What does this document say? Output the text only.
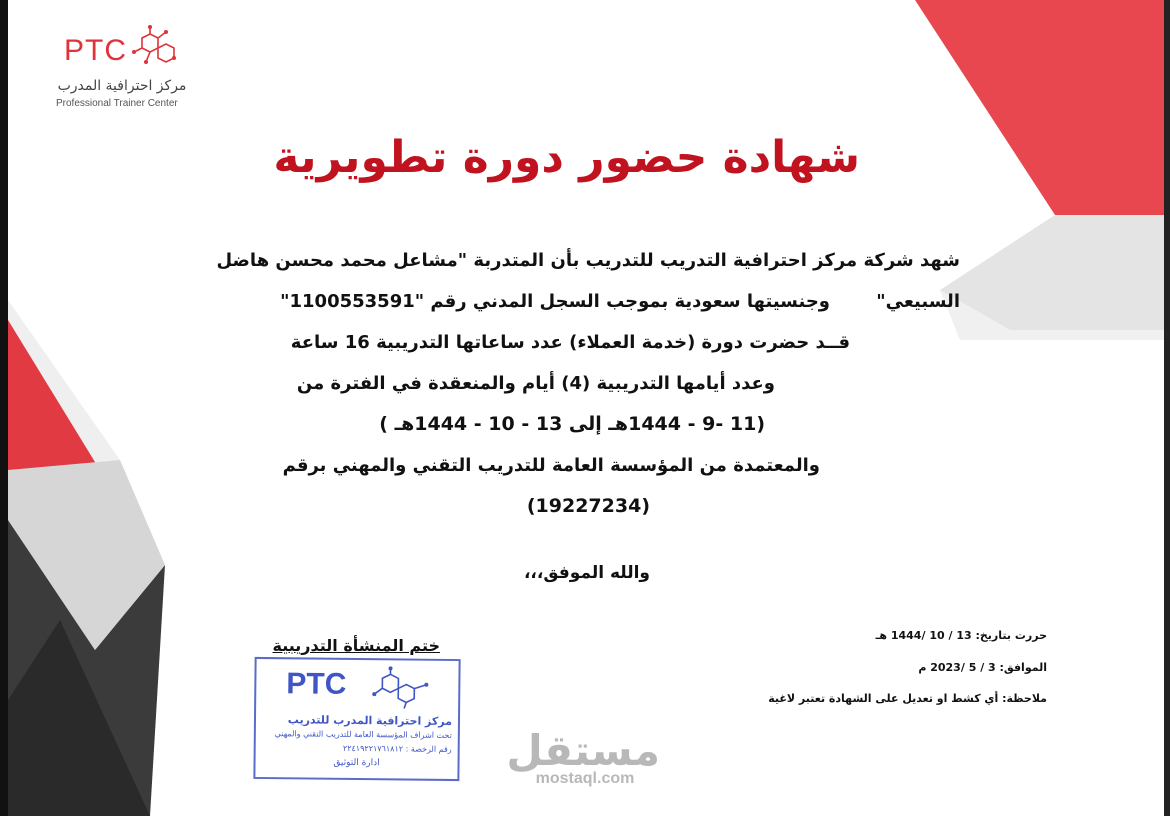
PTC
مركز احترافية المدرب
Professional Trainer Center
شهادة حضور دورة تطويرية
شهد شركة مركز احترافية التدريب للتدريب بأن المتدربة "مشاعل محمد محسن هاضل السبيعي"
وجنسيتها سعودية بموجب السجل المدني رقم "1100553591"
قــد حضرت دورة (خدمة العملاء) عدد ساعاتها التدريبية 16 ساعة
وعدد أيامها التدريبية (4) أيام والمنعقدة في الفترة من
(11 -9 - 1444هـ إلى 13 - 10 - 1444هـ )
والمعتمدة من المؤسسة العامة للتدريب التقني والمهني برقم
(19227234)
والله الموفق،،،
ختم المنشأة التدريبية
PTC
مركز احترافية المدرب للتدريب
تحت اشراف المؤسسة العامة للتدريب التقني والمهني
رقم الرخصة : ٢٢٤١٩٢٢١٧٦١٨١٢
ادارة التوثيق
حررت بتاريخ: 13 / 10 /1444 هـ
الموافق: 3 / 5 /2023 م
ملاحظة: أي كشط او تعديل على الشهادة تعتبر لاغية
مستقل
mostaql.com
